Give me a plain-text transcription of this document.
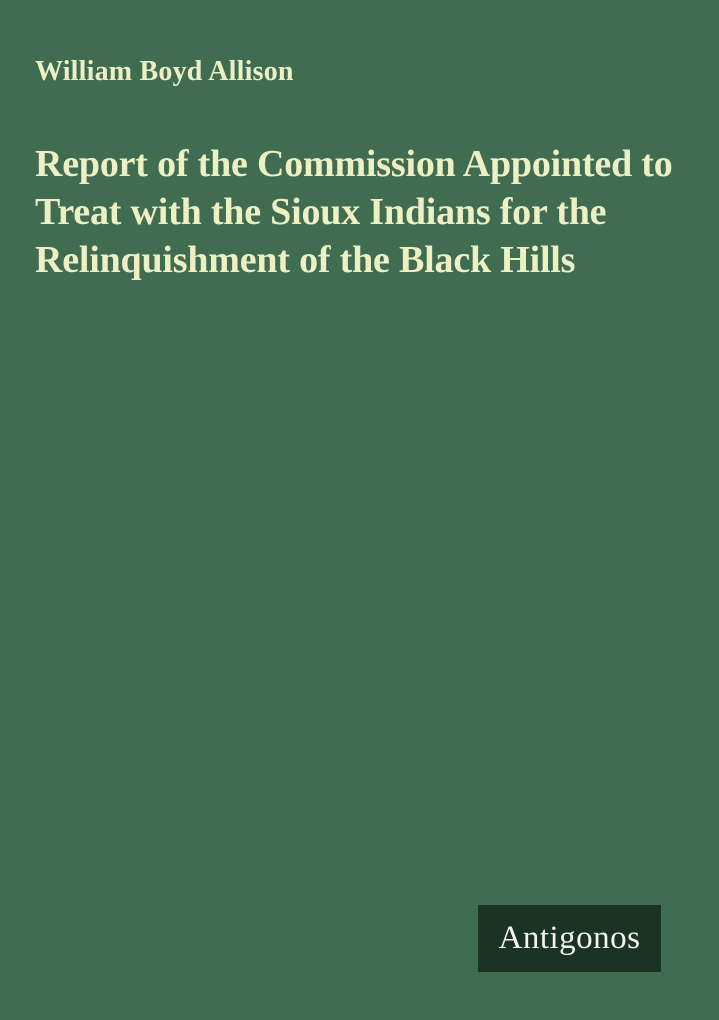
William Boyd Allison
Report of the Commission Appointed to
Treat with the Sioux Indians for the
Relinquishment of the Black Hills
Antigonos
